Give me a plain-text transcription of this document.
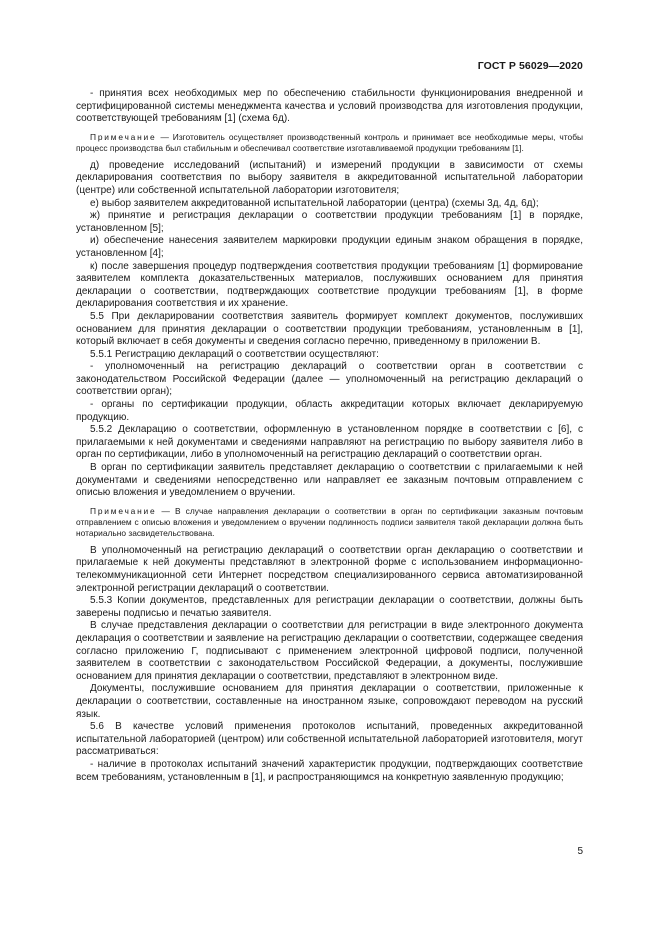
ГОСТ Р 56029—2020

- принятия всех необходимых мер по обеспечению стабильности функционирования внедренной и сертифицированной системы менеджмента качества и условий производства для изготовления продукции, соответствующей требованиям [1] (схема 6д).

Примечание — Изготовитель осуществляет производственный контроль и принимает все необходимые меры, чтобы процесс производства был стабильным и обеспечивал соответствие изготавливаемой продукции требованиям [1].

д) проведение исследований (испытаний) и измерений продукции в зависимости от схемы декларирования соответствия по выбору заявителя в аккредитованной испытательной лаборатории (центре) или собственной испытательной лаборатории изготовителя;

е) выбор заявителем аккредитованной испытательной лаборатории (центра) (схемы 3д, 4д, 6д);

ж) принятие и регистрация декларации о соответствии продукции требованиям [1] в порядке, установленном [5];

и) обеспечение нанесения заявителем маркировки продукции единым знаком обращения в порядке, установленном [4];

к) после завершения процедур подтверждения соответствия продукции требованиям [1] формирование заявителем комплекта доказательственных материалов, послуживших основанием для принятия декларации о соответствии, подтверждающих соответствие продукции требованиям [1], в форме декларирования соответствия и их хранение.

5.5 При декларировании соответствия заявитель формирует комплект документов, послуживших основанием для принятия декларации о соответствии продукции требованиям, установленным в [1], который включает в себя документы и сведения согласно перечню, приведенному в приложении В.

5.5.1 Регистрацию деклараций о соответствии осуществляют:

- уполномоченный на регистрацию деклараций о соответствии орган в соответствии с законодательством Российской Федерации (далее — уполномоченный на регистрацию деклараций о соответствии орган);

- органы по сертификации продукции, область аккредитации которых включает декларируемую продукцию.

5.5.2 Декларацию о соответствии, оформленную в установленном порядке в соответствии с [6], с прилагаемыми к ней документами и сведениями направляют на регистрацию по выбору заявителя либо в орган по сертификации, либо в уполномоченный на регистрацию деклараций о соответствии орган.

В орган по сертификации заявитель представляет декларацию о соответствии с прилагаемыми к ней документами и сведениями непосредственно или направляет ее заказным почтовым отправлением с описью вложения и уведомлением о вручении.

Примечание — В случае направления декларации о соответствии в орган по сертификации заказным почтовым отправлением с описью вложения и уведомлением о вручении подлинность подписи заявителя такой декларации должна быть нотариально засвидетельствована.

В уполномоченный на регистрацию деклараций о соответствии орган декларацию о соответствии и прилагаемые к ней документы представляют в электронной форме с использованием информационно-телекоммуникационной сети Интернет посредством специализированного сервиса автоматизированной электронной регистрации деклараций о соответствии.

5.5.3 Копии документов, представленных для регистрации декларации о соответствии, должны быть заверены подписью и печатью заявителя.

В случае представления декларации о соответствии для регистрации в виде электронного документа декларация о соответствии и заявление на регистрацию декларации о соответствии, содержащее сведения согласно приложению Г, подписывают с применением электронной цифровой подписи, полученной заявителем в соответствии с законодательством Российской Федерации, а документы, послужившие основанием для принятия декларации о соответствии, представляют в электронном виде.

Документы, послужившие основанием для принятия декларации о соответствии, приложенные к декларации о соответствии, составленные на иностранном языке, сопровождают переводом на русский язык.

5.6 В качестве условий применения протоколов испытаний, проведенных аккредитованной испытательной лабораторией (центром) или собственной испытательной лабораторией изготовителя, могут рассматриваться:

- наличие в протоколах испытаний значений характеристик продукции, подтверждающих соответствие всем требованиям, установленным в [1], и распространяющимся на конкретную заявленную продукцию;

5
